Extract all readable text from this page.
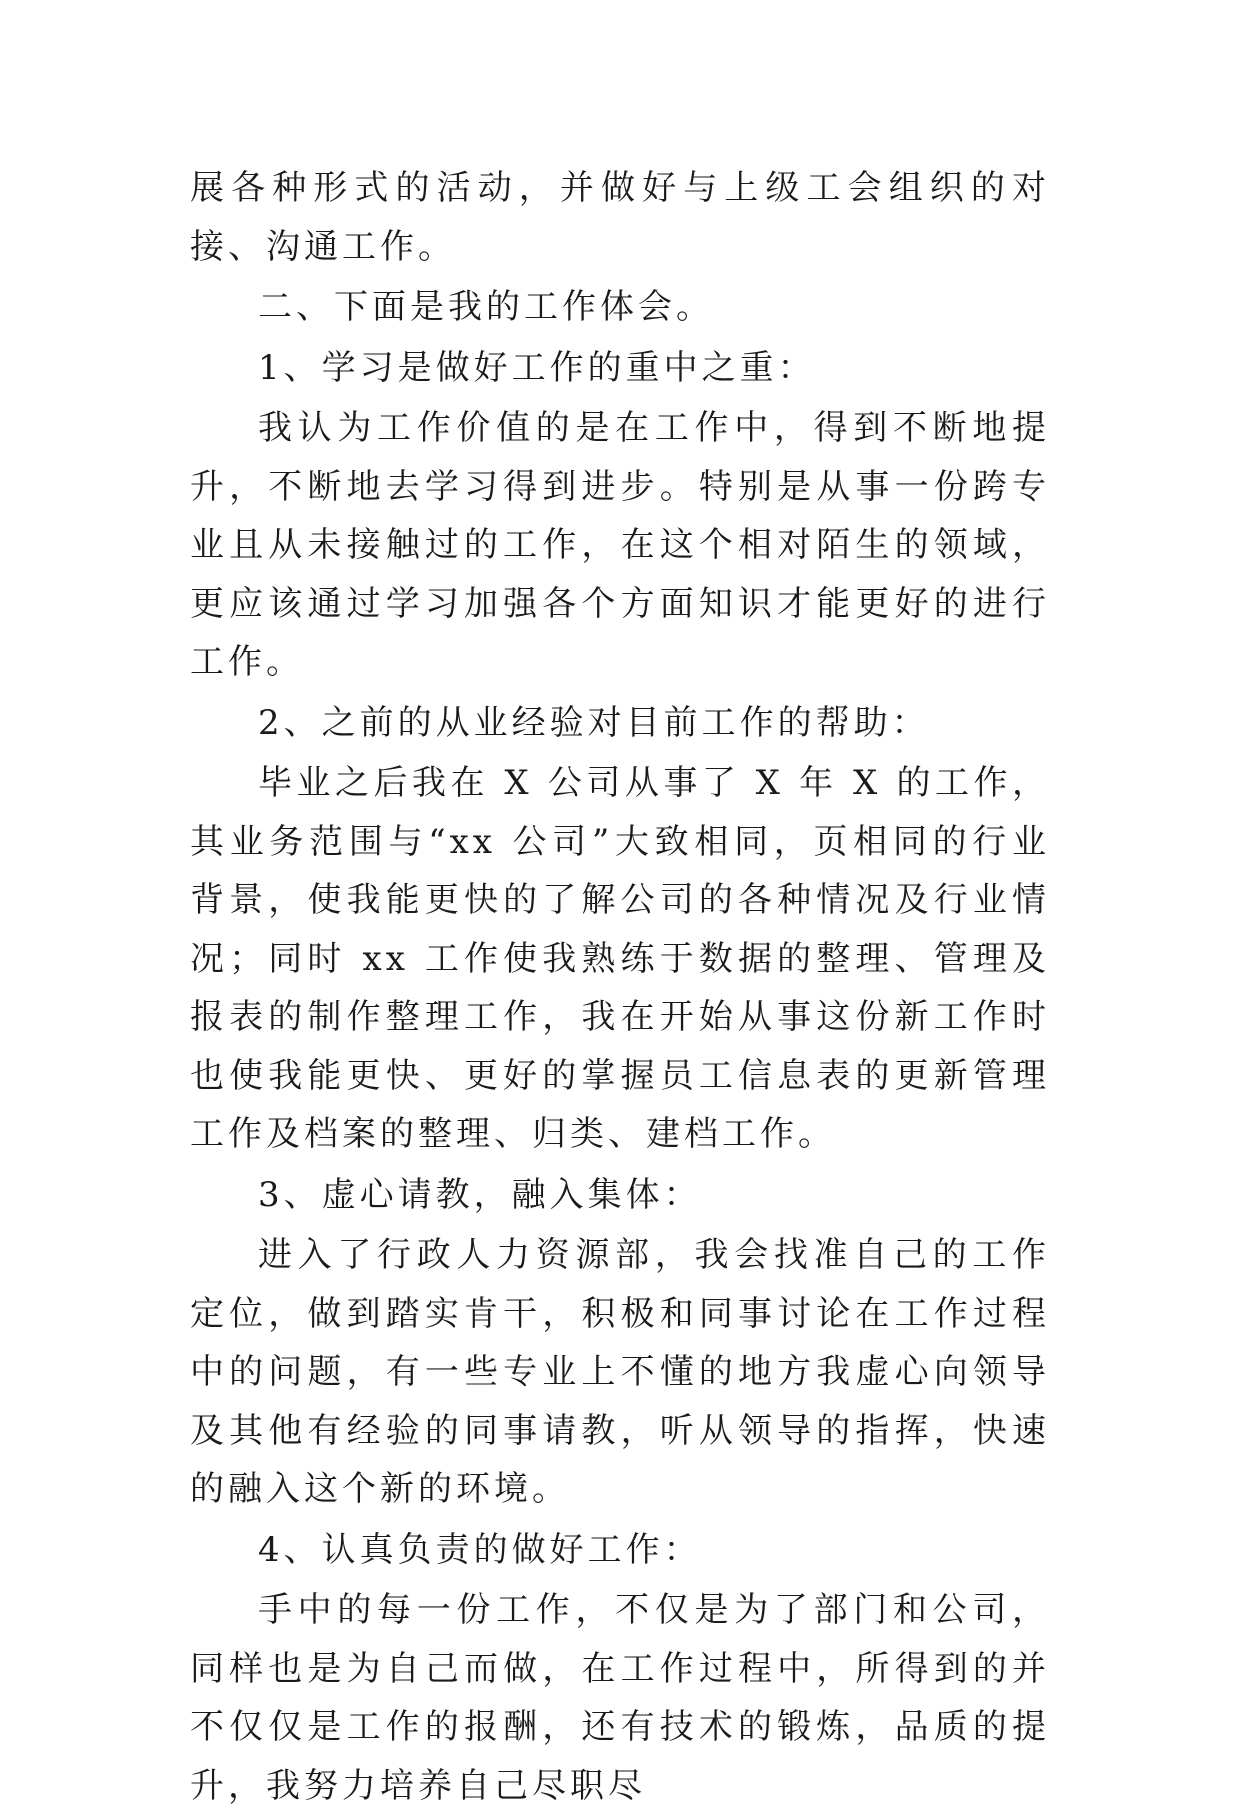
展各种形式的活动，并做好与上级工会组织的对接、沟通工作。

二、下面是我的工作体会。

1、学习是做好工作的重中之重：

我认为工作价值的是在工作中，得到不断地提升，不断地去学习得到进步。特别是从事一份跨专业且从未接触过的工作，在这个相对陌生的领域，更应该通过学习加强各个方面知识才能更好的进行工作。

2、之前的从业经验对目前工作的帮助：

毕业之后我在 X 公司从事了 X 年 X 的工作，其业务范围与“xx 公司”大致相同，页相同的行业背景，使我能更快的了解公司的各种情况及行业情况；同时 xx 工作使我熟练于数据的整理、管理及报表的制作整理工作，我在开始从事这份新工作时也使我能更快、更好的掌握员工信息表的更新管理工作及档案的整理、归类、建档工作。

3、虚心请教，融入集体：

进入了行政人力资源部，我会找准自己的工作定位，做到踏实肯干，积极和同事讨论在工作过程中的问题，有一些专业上不懂的地方我虚心向领导及其他有经验的同事请教，听从领导的指挥，快速的融入这个新的环境。

4、认真负责的做好工作：

手中的每一份工作，不仅是为了部门和公司，同样也是为自己而做，在工作过程中，所得到的并不仅仅是工作的报酬，还有技术的锻炼，品质的提升，我努力培养自己尽职尽
